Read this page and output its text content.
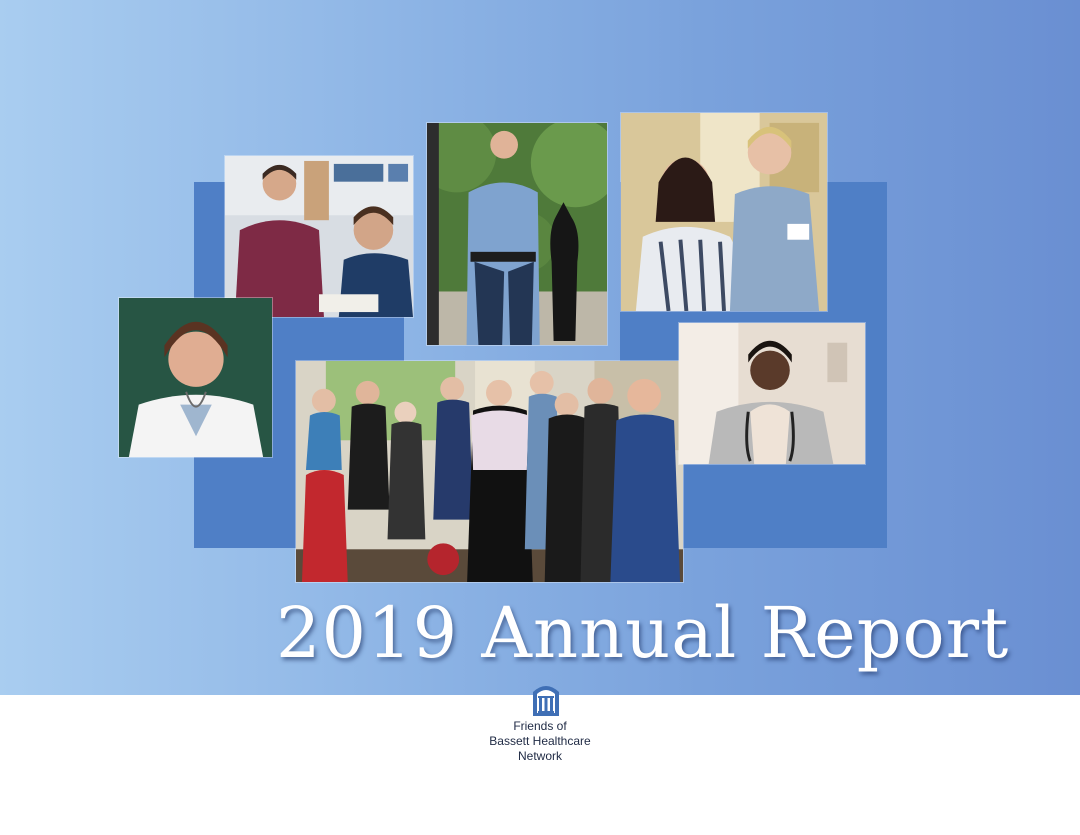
2019 Annual Report
Friends of
Bassett Healthcare
Network
